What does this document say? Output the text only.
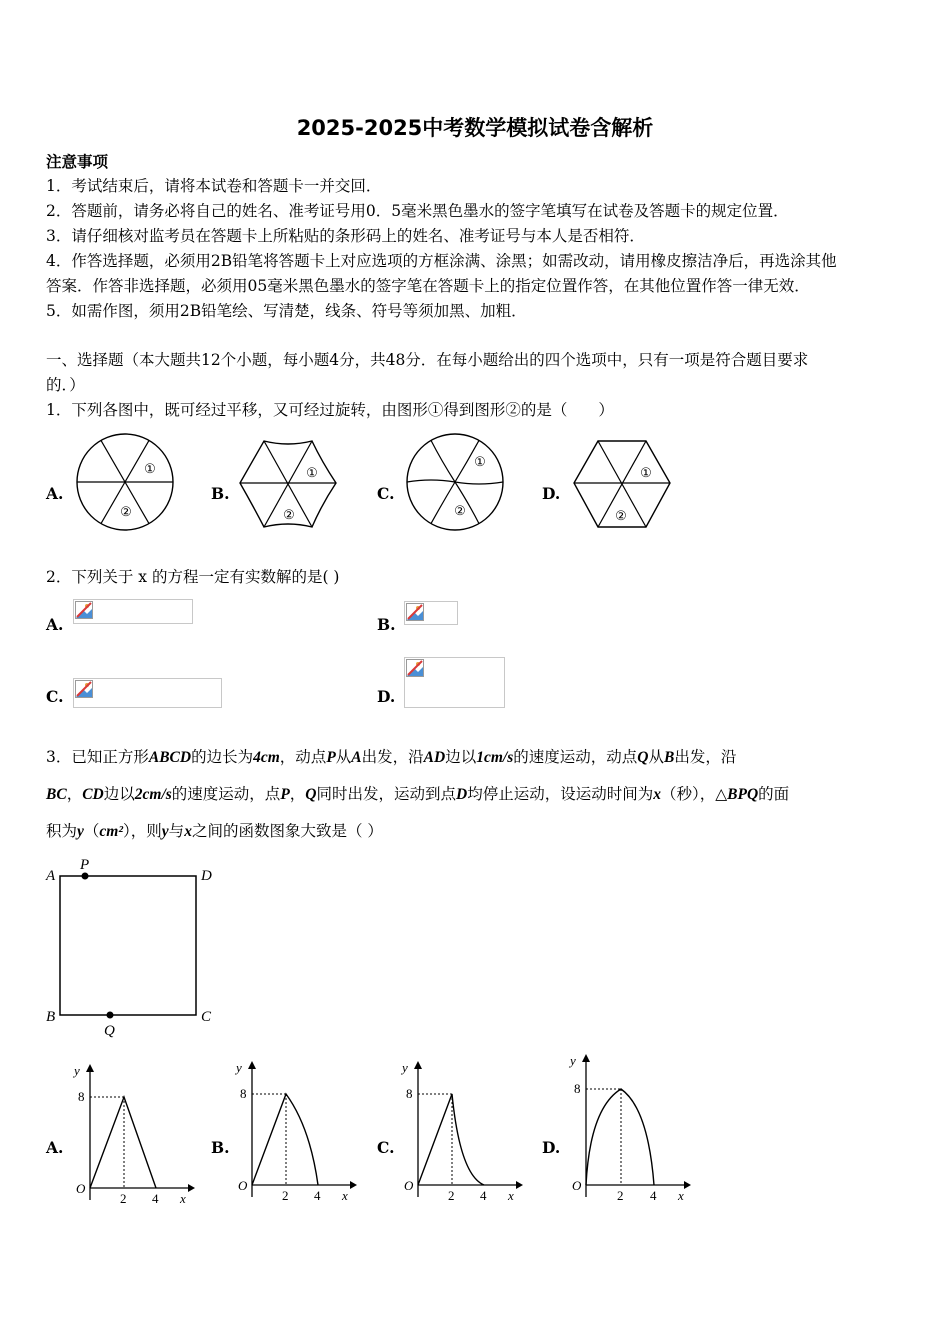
2025-2025中考数学模拟试卷含解析
注意事项
1．考试结束后，请将本试卷和答题卡一并交回．
2．答题前，请务必将自己的姓名、准考证号用0．5毫米黑色墨水的签字笔填写在试卷及答题卡的规定位置．
3．请仔细核对监考员在答题卡上所粘贴的条形码上的姓名、准考证号与本人是否相符．
4．作答选择题，必须用2B铅笔将答题卡上对应选项的方框涂满、涂黑；如需改动，请用橡皮擦洁净后，再选涂其他
答案．作答非选择题，必须用05毫米黑色墨水的签字笔在答题卡上的指定位置作答，在其他位置作答一律无效．
5．如需作图，须用2B铅笔绘、写清楚，线条、符号等须加黑、加粗．
一、选择题（本大题共12个小题，每小题4分，共48分．在每小题给出的四个选项中，只有一项是符合题目要求
的．）
1．下列各图中，既可经过平移，又可经过旋转，由图形①得到图形②的是（　　）
A.
①
②
B.
①
②
C.
①
②
D.
①
②
2．下列关于 x 的方程一定有实数解的是( )
A.	B.
C.	D.
3．已知正方形ABCD的边长为4cm，动点P从A出发，沿AD边以1cm/s的速度运动，动点Q从B出发，沿
BC，CD边以2cm/s的速度运动，点P，Q同时出发，运动到点D均停止运动，设运动时间为x（秒），△BPQ的面
积为y（cm²），则y与x之间的函数图象大致是（ ）
A
P
D
B
Q
C
A.	B.	C.	D.
y
8
O
2 4 x
y
8
O
2 4 x
y
8
O
2 4 x
y
8
O
2 4 x
